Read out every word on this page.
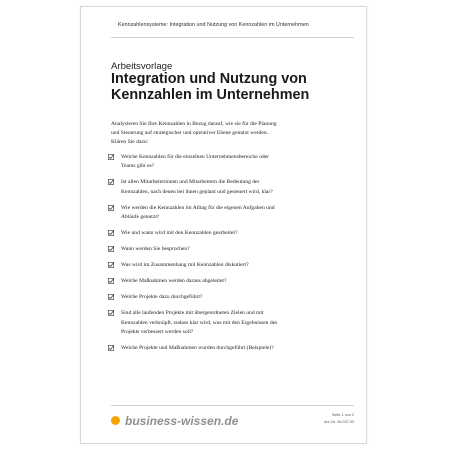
Kennzahlensysteme: Integration und Nutzung von Kennzahlen im Unternehmen
Arbeitsvorlage
Integration und Nutzung von
Kennzahlen im Unternehmen
Analysieren Sie Ihre Kennzahlen in Bezug darauf, wie sie für die Planung
und Steuerung auf strategischer und operativer Ebene genutzt werden.
Klären Sie dazu:
Welche Kennzahlen für die einzelnen Unternehmensbereiche oder
Teams gibt es?
Ist allen Mitarbeiterinnen und Mitarbeitern die Bedeutung der
Kennzahlen, nach denen bei ihnen geplant und gesteuert wird, klar?
Wie werden die Kennzahlen im Alltag für die eigenen Aufgaben und
Abläufe genutzt?
Wie und wann wird mit den Kennzahlen gearbeitet?
Wann werden Sie besprochen?
Was wird im Zusammenhang mit Kennzahlen diskutiert?
Welche Maßnahmen werden daraus abgeleitet?
Welche Projekte dazu durchgeführt?
Sind alle laufenden Projekte mit übergeordneten Zielen und mit
Kennzahlen verknüpft, sodass klar wird, was mit den Ergebnissen des
Projekts verbessert werden soll?
Welche Projekte und Maßnahmen wurden durchgeführt (Beispiele)?
business-wissen.de	Seite 1 von 2
Art.-Nr. 06.037.03
